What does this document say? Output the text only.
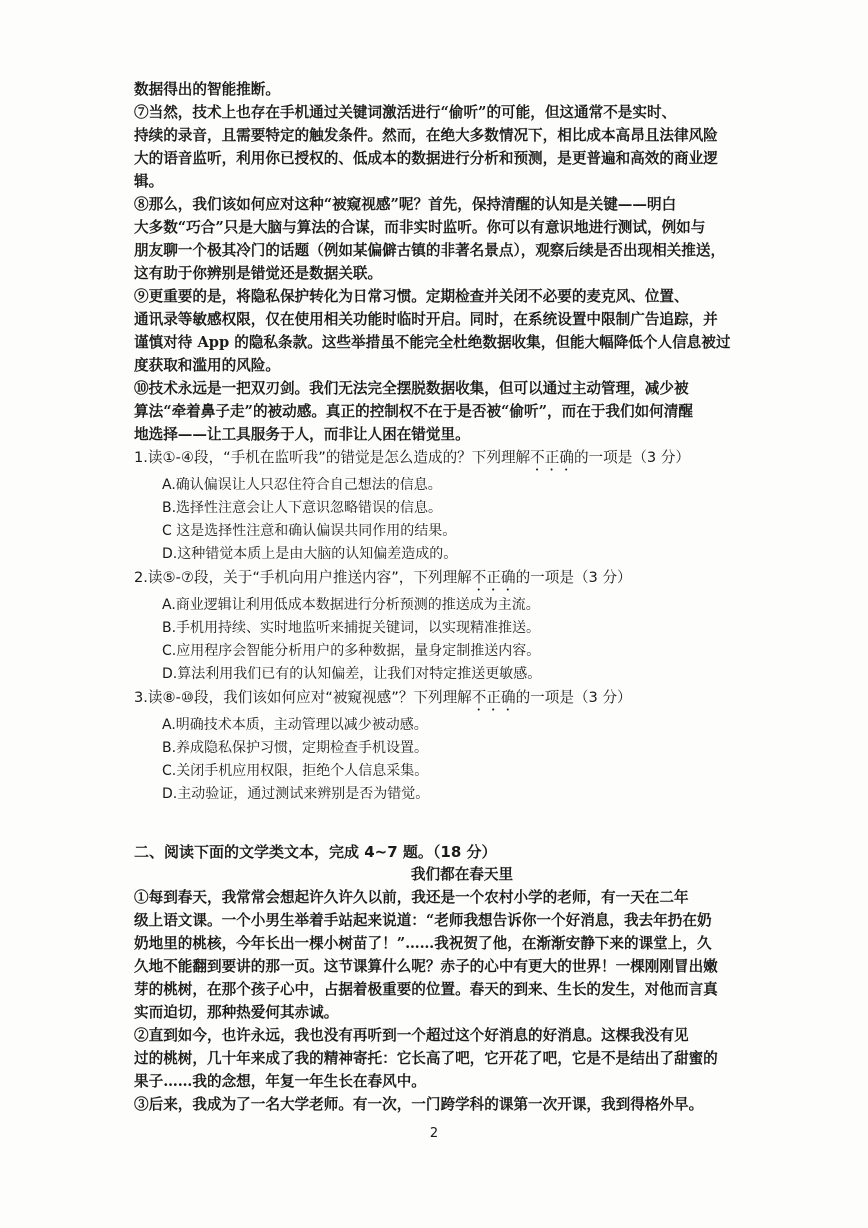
数据得出的智能推断。
⑦当然，技术上也存在手机通过关键词激活进行“偷听”的可能，但这通常不是实时、
持续的录音，且需要特定的触发条件。然而，在绝大多数情况下，相比成本高昂且法律风险
大的语音监听，利用你已授权的、低成本的数据进行分析和预测，是更普遍和高效的商业逻
辑。
⑧那么，我们该如何应对这种“被窥视感”呢？首先，保持清醒的认知是关键——明白
大多数“巧合”只是大脑与算法的合谋，而非实时监听。你可以有意识地进行测试，例如与
朋友聊一个极其冷门的话题（例如某偏僻古镇的非著名景点），观察后续是否出现相关推送，
这有助于你辨别是错觉还是数据关联。
⑨更重要的是，将隐私保护转化为日常习惯。定期检查并关闭不必要的麦克风、位置、
通讯录等敏感权限，仅在使用相关功能时临时开启。同时，在系统设置中限制广告追踪，并
谨慎对待 App 的隐私条款。这些举措虽不能完全杜绝数据收集，但能大幅降低个人信息被过
度获取和滥用的风险。
⑩技术永远是一把双刃剑。我们无法完全摆脱数据收集，但可以通过主动管理，减少被
算法“牵着鼻子走”的被动感。真正的控制权不在于是否被“偷听”，而在于我们如何清醒
地选择——让工具服务于人，而非让人困在错觉里。
1.读①-④段，“手机在监听我”的错觉是怎么造成的？下列理解不正确的一项是（3 分）
A.确认偏误让人只忍住符合自己想法的信息。
B.选择性注意会让人下意识忽略错误的信息。
C 这是选择性注意和确认偏误共同作用的结果。
D.这种错觉本质上是由大脑的认知偏差造成的。
2.读⑤-⑦段，关于“手机向用户推送内容”，下列理解不正确的一项是（3 分）
A.商业逻辑让利用低成本数据进行分析预测的推送成为主流。
B.手机用持续、实时地监听来捕捉关键词，以实现精准推送。
C.应用程序会智能分析用户的多种数据，量身定制推送内容。
D.算法利用我们已有的认知偏差，让我们对特定推送更敏感。
3.读⑧-⑩段，我们该如何应对“被窥视感”？下列理解不正确的一项是（3 分）
A.明确技术本质，主动管理以减少被动感。
B.养成隐私保护习惯，定期检查手机设置。
C.关闭手机应用权限，拒绝个人信息采集。
D.主动验证，通过测试来辨别是否为错觉。
二、阅读下面的文学类文本，完成 4~7 题。（18 分）
我们都在春天里
①每到春天，我常常会想起许久许久以前，我还是一个农村小学的老师，有一天在二年
级上语文课。一个小男生举着手站起来说道：“老师我想告诉你一个好消息，我去年扔在奶
奶地里的桃核，今年长出一棵小树苗了！”……我祝贺了他，在渐渐安静下来的课堂上，久
久地不能翻到要讲的那一页。这节课算什么呢？赤子的心中有更大的世界！一棵刚刚冒出嫩
芽的桃树，在那个孩子心中，占据着极重要的位置。春天的到来、生长的发生，对他而言真
实而迫切，那种热爱何其赤诚。
②直到如今，也许永远，我也没有再听到一个超过这个好消息的好消息。这棵我没有见
过的桃树，几十年来成了我的精神寄托：它长高了吧，它开花了吧，它是不是结出了甜蜜的
果子……我的念想，年复一年生长在春风中。
③后来，我成为了一名大学老师。有一次，一门跨学科的课第一次开课，我到得格外早。
2
